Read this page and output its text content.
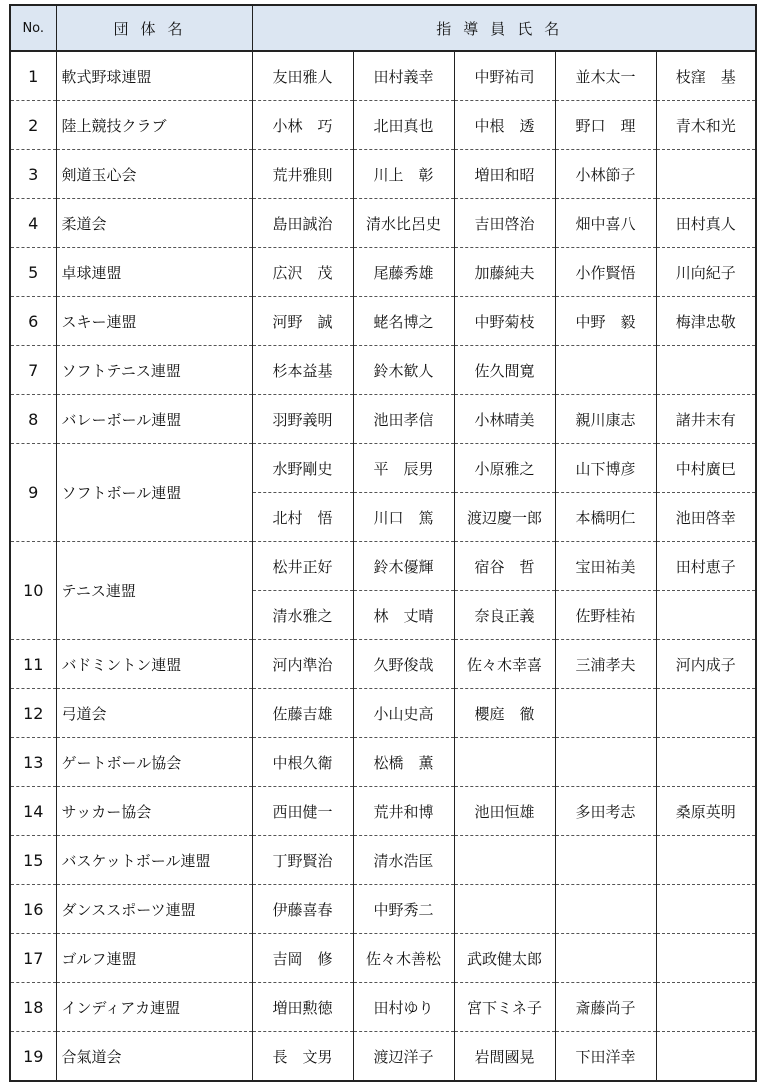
No.	団体名	指導員氏名				
1	軟式野球連盟	友田雅人	田村義幸	中野祐司	並木太一	枝窪　基
2	陸上競技クラブ	小林　巧	北田真也	中根　透	野口　理	青木和光
3	剣道玉心会	荒井雅則	川上　彰	増田和昭	小林節子	
4	柔道会	島田誠治	清水比呂史	吉田啓治	畑中喜八	田村真人
5	卓球連盟	広沢　茂	尾藤秀雄	加藤純夫	小作賢悟	川向紀子
6	スキー連盟	河野　誠	蛯名博之	中野菊枝	中野　毅	梅津忠敬
7	ソフトテニス連盟	杉本益基	鈴木歓人	佐久間寛		
8	バレーボール連盟	羽野義明	池田孝信	小林晴美	親川康志	諸井末有
9	ソフトボール連盟	水野剛史	平　辰男	小原雅之	山下博彦	中村廣巳
		北村　悟	川口　篤	渡辺慶一郎	本橋明仁	池田啓幸
10	テニス連盟	松井正好	鈴木優輝	宿谷　哲	宝田祐美	田村恵子
		清水雅之	林　丈晴	奈良正義	佐野桂祐	
11	バドミントン連盟	河内準治	久野俊哉	佐々木幸喜	三浦孝夫	河内成子
12	弓道会	佐藤吉雄	小山史高	櫻庭　徹		
13	ゲートボール協会	中根久衛	松橋　薫			
14	サッカー協会	西田健一	荒井和博	池田恒雄	多田考志	桑原英明
15	バスケットボール連盟	丁野賢治	清水浩匡			
16	ダンススポーツ連盟	伊藤喜春	中野秀二			
17	ゴルフ連盟	吉岡　修	佐々木善松	武政健太郎		
18	インディアカ連盟	増田勲徳	田村ゆり	宮下ミネ子	斎藤尚子	
19	合氣道会	長　文男	渡辺洋子	岩間國晃	下田洋幸	
